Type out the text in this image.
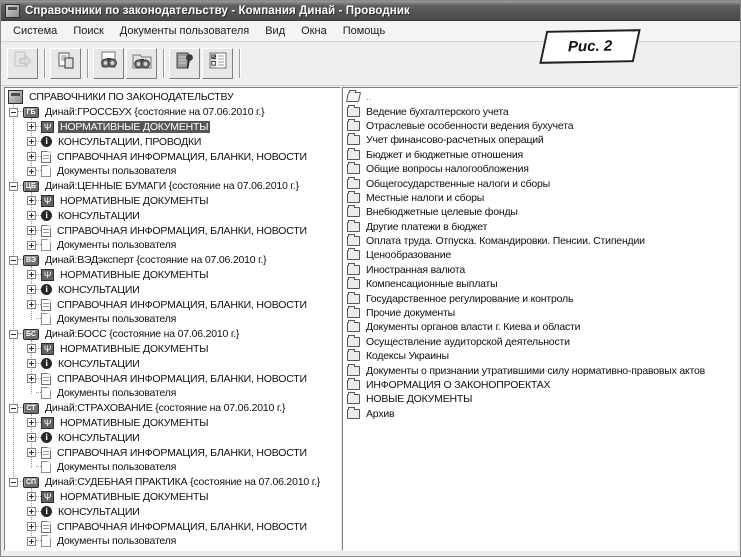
Справочники по законодательству - Компания Динай - Проводник
Система	Поиск	Документы пользователя	Вид	Окна	Помощь
СПРАВОЧНИКИ ПО ЗАКОНОДАТЕЛЬСТВУ
ГБ Динай:ГРОССБУХ {состояние на 07.06.2010 г.}
Ψ НОРМАТИВНЫЕ ДОКУМЕНТЫ
i КОНСУЛЬТАЦИИ, ПРОВОДКИ
СПРАВОЧНАЯ ИНФОРМАЦИЯ, БЛАНКИ, НОВОСТИ
Документы пользователя
ЦБ Динай:ЦЕННЫЕ БУМАГИ {состояние на 07.06.2010 г.}
Ψ НОРМАТИВНЫЕ ДОКУМЕНТЫ
i КОНСУЛЬТАЦИИ
СПРАВОЧНАЯ ИНФОРМАЦИЯ, БЛАНКИ, НОВОСТИ
Документы пользователя
ВЭ Динай:ВЭДэксперт {состояние на 07.06.2010 г.}
Ψ НОРМАТИВНЫЕ ДОКУМЕНТЫ
i КОНСУЛЬТАЦИИ
СПРАВОЧНАЯ ИНФОРМАЦИЯ, БЛАНКИ, НОВОСТИ
Документы пользователя
БС Динай:БОСС {состояние на 07.06.2010 г.}
Ψ НОРМАТИВНЫЕ ДОКУМЕНТЫ
i КОНСУЛЬТАЦИИ
СПРАВОЧНАЯ ИНФОРМАЦИЯ, БЛАНКИ, НОВОСТИ
Документы пользователя
СТ Динай:СТРАХОВАНИЕ {состояние на 07.06.2010 г.}
Ψ НОРМАТИВНЫЕ ДОКУМЕНТЫ
i КОНСУЛЬТАЦИИ
СПРАВОЧНАЯ ИНФОРМАЦИЯ, БЛАНКИ, НОВОСТИ
Документы пользователя
СП Динай:СУДЕБНАЯ ПРАКТИКА {состояние на 07.06.2010 г.}
Ψ НОРМАТИВНЫЕ ДОКУМЕНТЫ
i КОНСУЛЬТАЦИИ
СПРАВОЧНАЯ ИНФОРМАЦИЯ, БЛАНКИ, НОВОСТИ
Документы пользователя
..
Ведение бухгалтерского учета
Отраслевые особенности ведения бухучета
Учет финансово-расчетных операций
Бюджет и бюджетные отношения
Общие вопросы налогообложения
Общегосударственные налоги и сборы
Местные налоги и сборы
Внебюджетные целевые фонды
Другие платежи в бюджет
Оплата труда. Отпуска. Командировки. Пенсии. Стипендии
Ценообразование
Иностранная валюта
Компенсационные выплаты
Государственное регулирование и контроль
Прочие документы
Документы органов власти г. Киева и области
Осуществление аудиторской деятельности
Кодексы Украины
Документы о признании утратившими силу нормативно-правовых актов
ИНФОРМАЦИЯ О ЗАКОНОПРОЕКТАХ
НОВЫЕ ДОКУМЕНТЫ
Архив
Рис. 2
